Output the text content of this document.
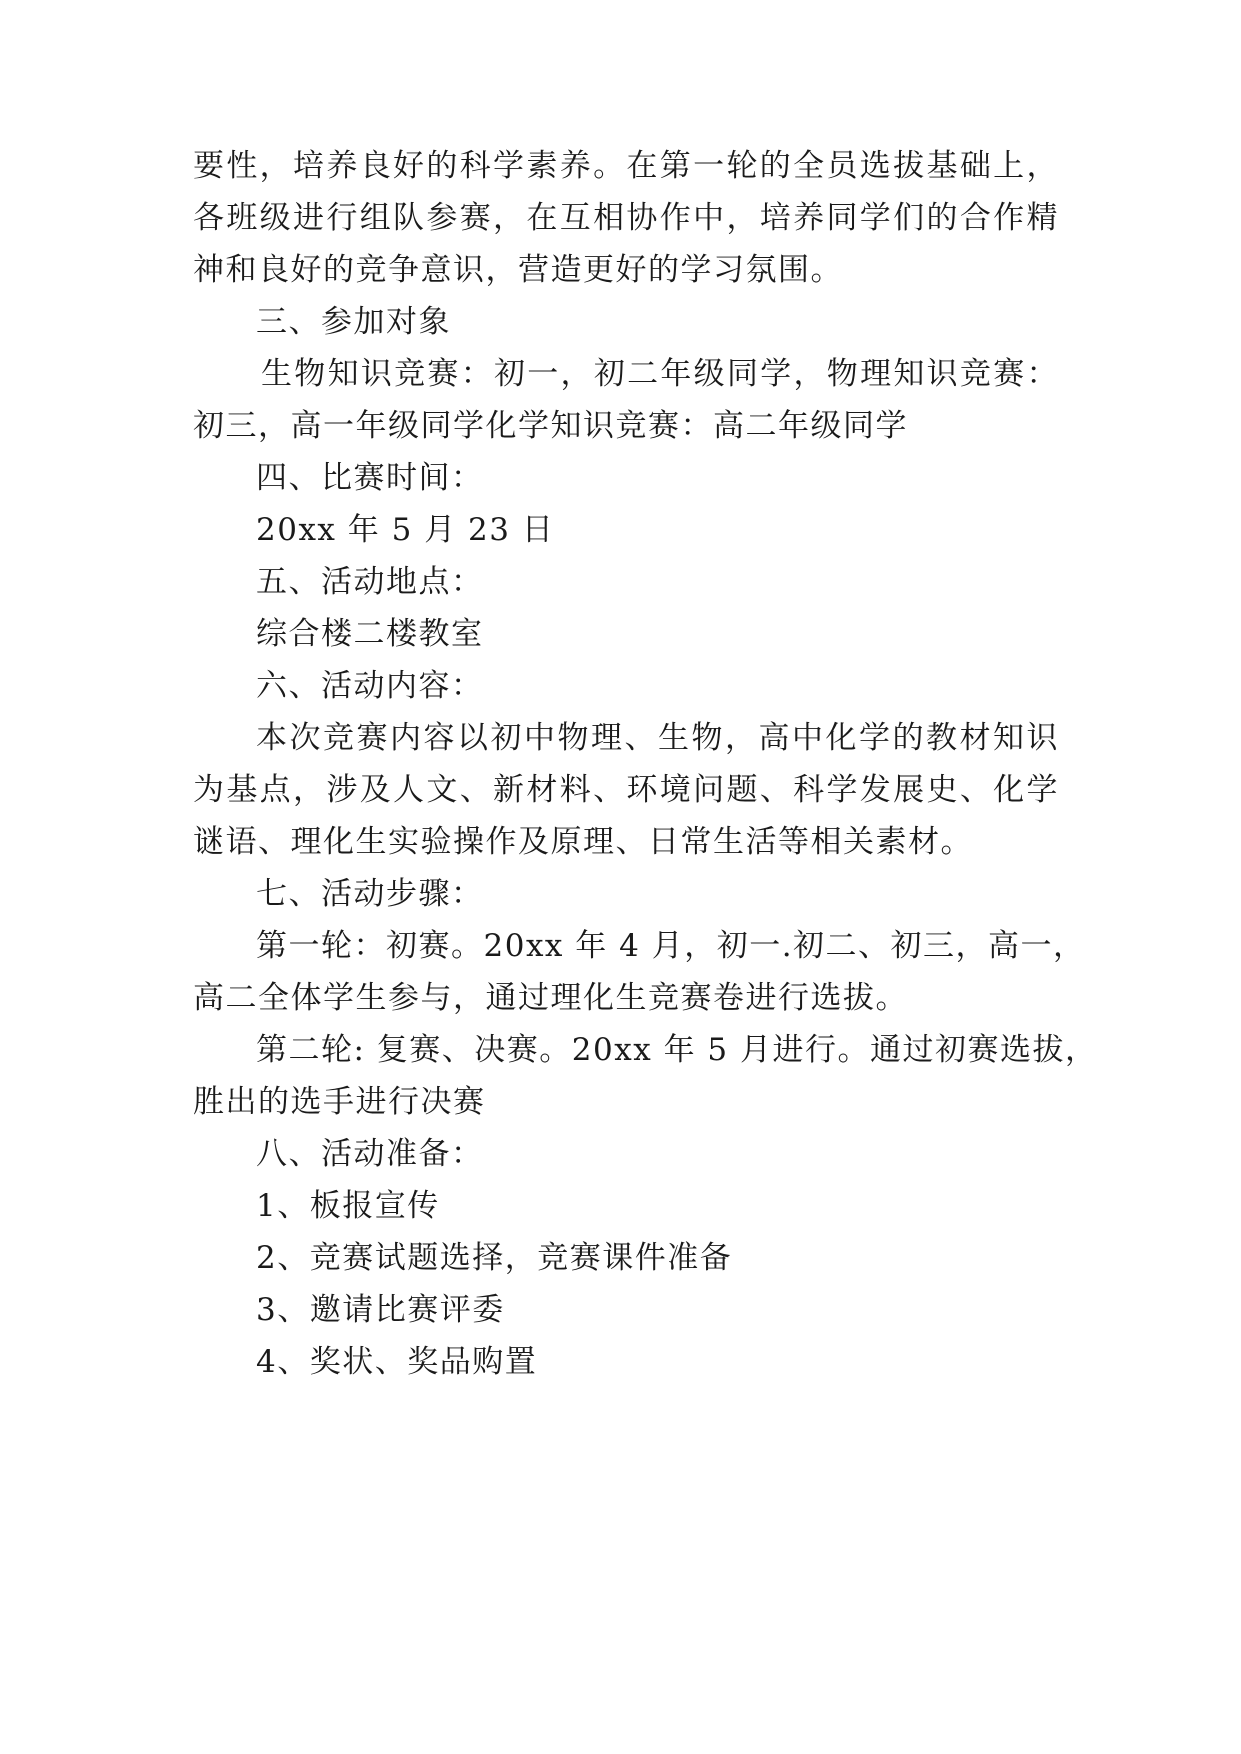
要性，培养良好的科学素养。在第一轮的全员选拔基础上，
各班级进行组队参赛，在互相协作中，培养同学们的合作精
神和良好的竞争意识，营造更好的学习氛围。
三、参加对象
生物知识竞赛：初一，初二年级同学，物理知识竞赛：
初三，高一年级同学化学知识竞赛：高二年级同学
四、比赛时间：
20xx 年 5 月 23 日
五、活动地点：
综合楼二楼教室
六、活动内容：
本次竞赛内容以初中物理、生物，高中化学的教材知识
为基点，涉及人文、新材料、环境问题、科学发展史、化学
谜语、理化生实验操作及原理、日常生活等相关素材。
七、活动步骤：
第一轮：初赛。20xx 年 4 月，初一.初二、初三，高一，
高二全体学生参与，通过理化生竞赛卷进行选拔。
第二轮: 复赛、决赛。20xx 年 5 月进行。通过初赛选拔，
胜出的选手进行决赛
八、活动准备：
1、板报宣传
2、竞赛试题选择，竞赛课件准备
3、邀请比赛评委
4、奖状、奖品购置
